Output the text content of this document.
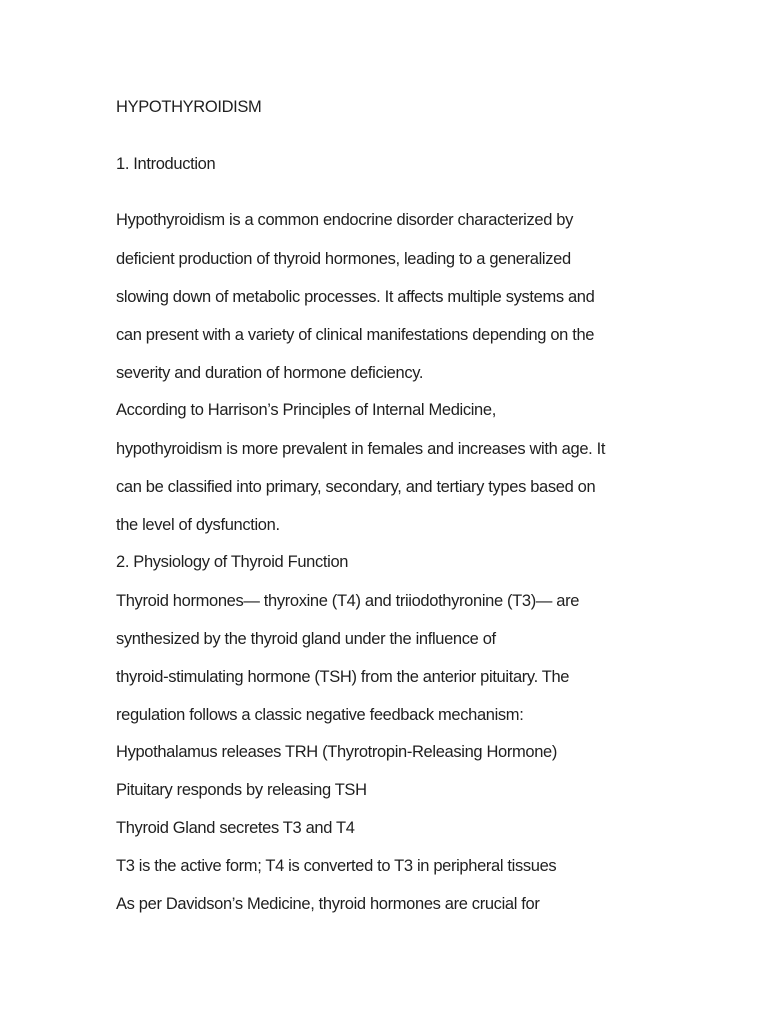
HYPOTHYROIDISM

1. Introduction

Hypothyroidism is a common endocrine disorder characterized by

deficient production of thyroid hormones, leading to a generalized

slowing down of metabolic processes. It affects multiple systems and

can present with a variety of clinical manifestations depending on the

severity and duration of hormone deficiency.

According to Harrison’s Principles of Internal Medicine,

hypothyroidism is more prevalent in females and increases with age. It

can be classified into primary, secondary, and tertiary types based on

the level of dysfunction.

2. Physiology of Thyroid Function

Thyroid hormones— thyroxine (T4) and triiodothyronine (T3)— are

synthesized by the thyroid gland under the influence of

thyroid-stimulating hormone (TSH) from the anterior pituitary. The

regulation follows a classic negative feedback mechanism:

Hypothalamus releases TRH (Thyrotropin-Releasing Hormone)

Pituitary responds by releasing TSH

Thyroid Gland secretes T3 and T4

T3 is the active form; T4 is converted to T3 in peripheral tissues

As per Davidson’s Medicine, thyroid hormones are crucial for
